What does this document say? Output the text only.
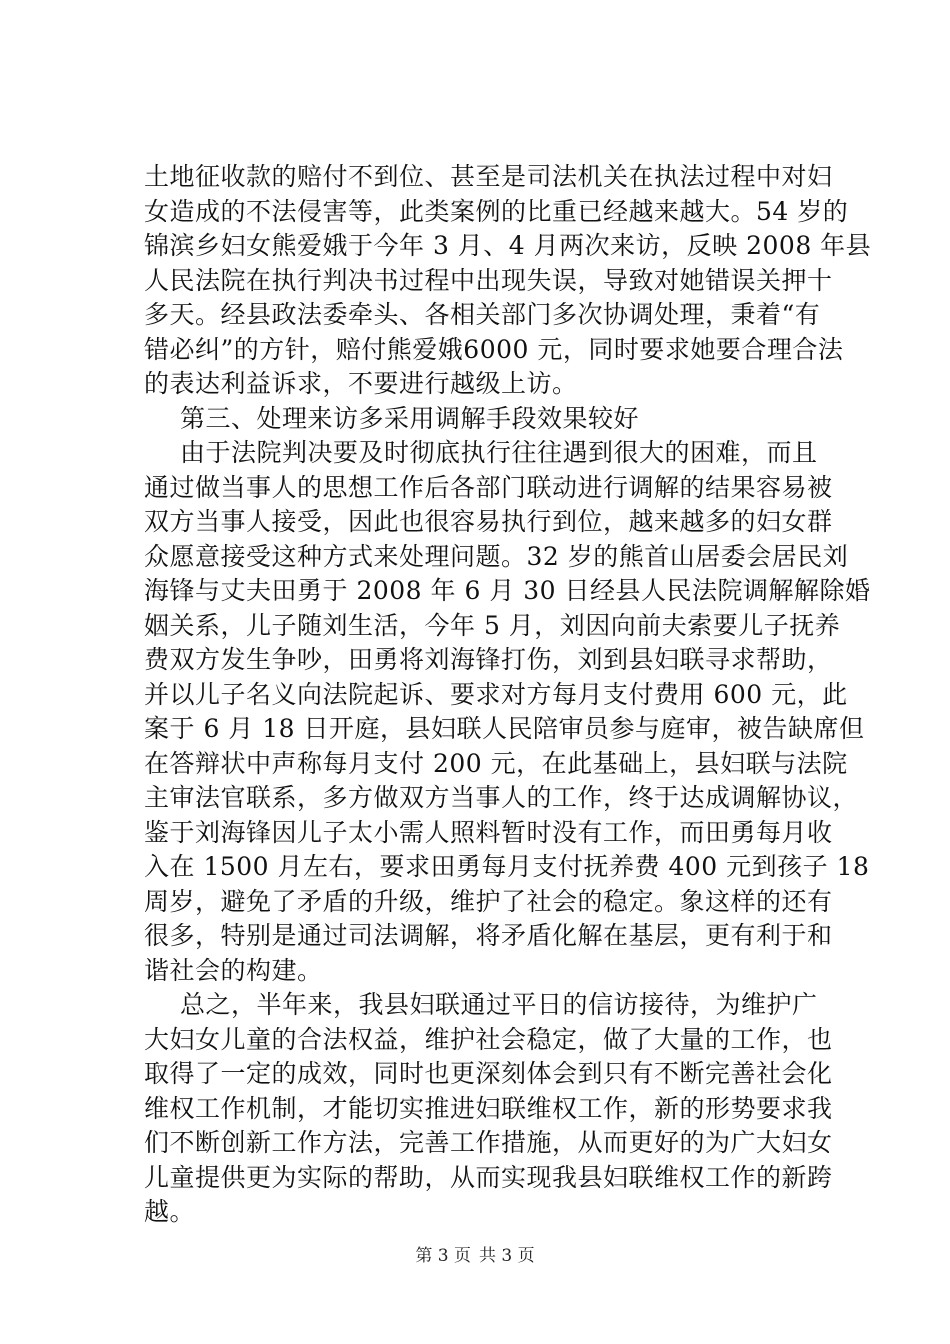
土地征收款的赔付不到位、甚至是司法机关在执法过程中对妇
女造成的不法侵害等，此类案例的比重已经越来越大。54 岁的
锦滨乡妇女熊爱娥于今年 3 月、4 月两次来访，反映 2008 年县
人民法院在执行判决书过程中出现失误，导致对她错误关押十
多天。经县政法委牵头、各相关部门多次协调处理，秉着“有
错必纠”的方针，赔付熊爱娥6000 元，同时要求她要合理合法
的表达利益诉求，不要进行越级上访。

第三、处理来访多采用调解手段效果较好

由于法院判决要及时彻底执行往往遇到很大的困难，而且
通过做当事人的思想工作后各部门联动进行调解的结果容易被
双方当事人接受，因此也很容易执行到位，越来越多的妇女群
众愿意接受这种方式来处理问题。32 岁的熊首山居委会居民刘
海锋与丈夫田勇于 2008 年 6 月 30 日经县人民法院调解解除婚
姻关系，儿子随刘生活，今年 5 月，刘因向前夫索要儿子抚养
费双方发生争吵，田勇将刘海锋打伤，刘到县妇联寻求帮助，
并以儿子名义向法院起诉、要求对方每月支付费用 600 元，此
案于 6 月 18 日开庭，县妇联人民陪审员参与庭审，被告缺席但
在答辩状中声称每月支付 200 元，在此基础上，县妇联与法院
主审法官联系，多方做双方当事人的工作，终于达成调解协议，
鉴于刘海锋因儿子太小需人照料暂时没有工作，而田勇每月收
入在 1500 月左右，要求田勇每月支付抚养费 400 元到孩子 18
周岁，避免了矛盾的升级，维护了社会的稳定。象这样的还有
很多，特别是通过司法调解，将矛盾化解在基层，更有利于和
谐社会的构建。

总之，半年来，我县妇联通过平日的信访接待，为维护广
大妇女儿童的合法权益，维护社会稳定，做了大量的工作，也
取得了一定的成效，同时也更深刻体会到只有不断完善社会化
维权工作机制，才能切实推进妇联维权工作，新的形势要求我
们不断创新工作方法，完善工作措施，从而更好的为广大妇女
儿童提供更为实际的帮助，从而实现我县妇联维权工作的新跨
越。

第 3 页 共 3 页
